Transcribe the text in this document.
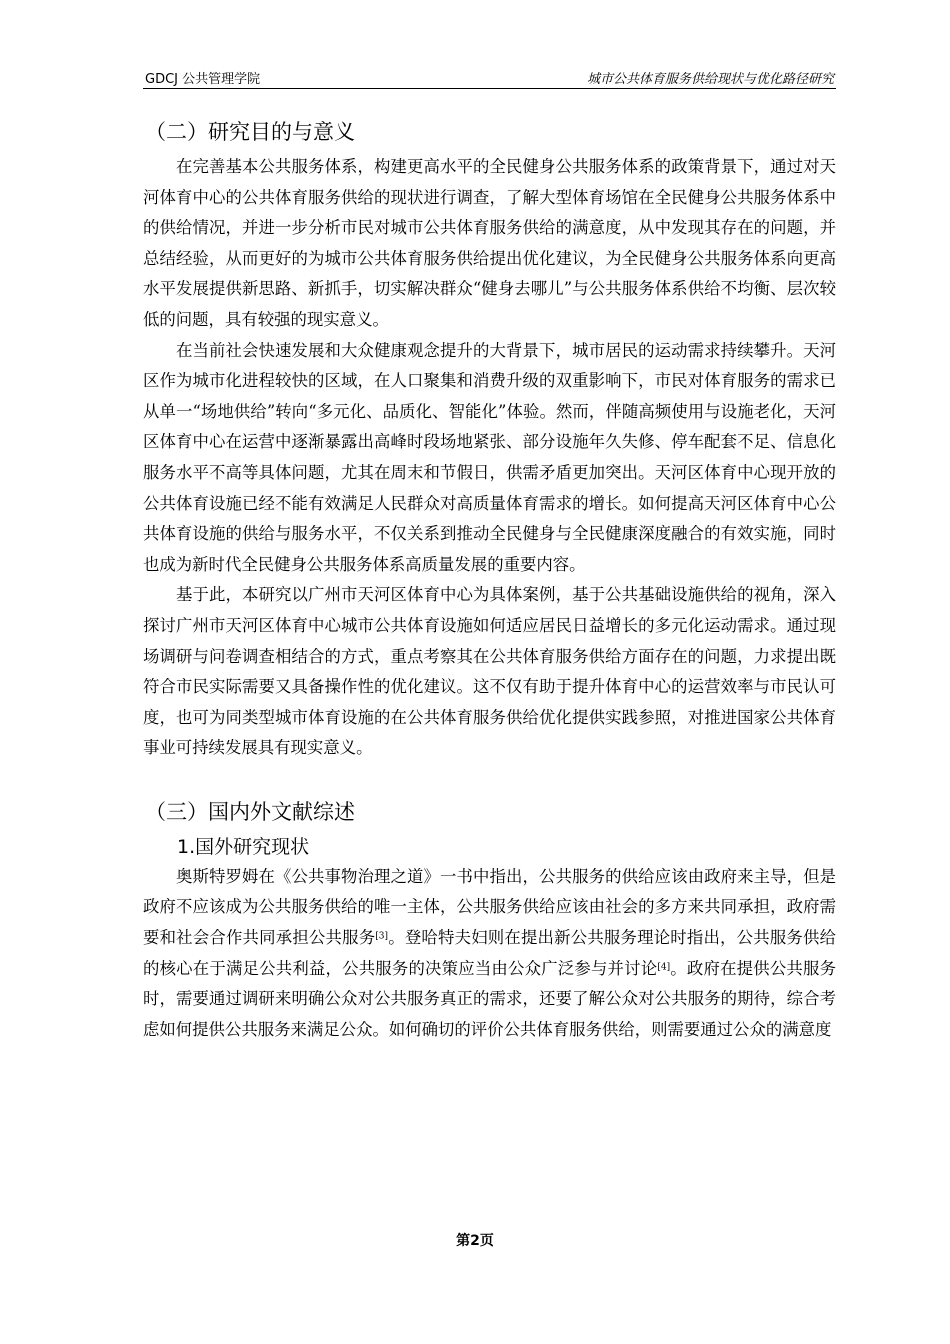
GDCJ 公共管理学院	城市公共体育服务供给现状与优化路径研究
（二）研究目的与意义

在完善基本公共服务体系，构建更高水平的全民健身公共服务体系的政策背景下，通过对天河体育中心的公共体育服务供给的现状进行调查，了解大型体育场馆在全民健身公共服务体系中的供给情况，并进一步分析市民对城市公共体育服务供给的满意度，从中发现其存在的问题，并总结经验，从而更好的为城市公共体育服务供给提出优化建议，为全民健身公共服务体系向更高水平发展提供新思路、新抓手，切实解决群众“健身去哪儿”与公共服务体系供给不均衡、层次较低的问题，具有较强的现实意义。

在当前社会快速发展和大众健康观念提升的大背景下，城市居民的运动需求持续攀升。天河区作为城市化进程较快的区域，在人口聚集和消费升级的双重影响下，市民对体育服务的需求已从单一“场地供给”转向“多元化、品质化、智能化”体验。然而，伴随高频使用与设施老化，天河区体育中心在运营中逐渐暴露出高峰时段场地紧张、部分设施年久失修、停车配套不足、信息化服务水平不高等具体问题，尤其在周末和节假日，供需矛盾更加突出。天河区体育中心现开放的公共体育设施已经不能有效满足人民群众对高质量体育需求的增长。如何提高天河区体育中心公共体育设施的供给与服务水平，不仅关系到推动全民健身与全民健康深度融合的有效实施，同时也成为新时代全民健身公共服务体系高质量发展的重要内容。

基于此，本研究以广州市天河区体育中心为具体案例，基于公共基础设施供给的视角，深入探讨广州市天河区体育中心城市公共体育设施如何适应居民日益增长的多元化运动需求。通过现场调研与问卷调查相结合的方式，重点考察其在公共体育服务供给方面存在的问题，力求提出既符合市民实际需要又具备操作性的优化建议。这不仅有助于提升体育中心的运营效率与市民认可度，也可为同类型城市体育设施的在公共体育服务供给优化提供实践参照，对推进国家公共体育事业可持续发展具有现实意义。

（三）国内外文献综述
1.国外研究现状

奥斯特罗姆在《公共事物治理之道》一书中指出，公共服务的供给应该由政府来主导，但是政府不应该成为公共服务供给的唯一主体，公共服务供给应该由社会的多方来共同承担，政府需要和社会合作共同承担公共服务[3]。登哈特夫妇则在提出新公共服务理论时指出，公共服务供给的核心在于满足公共利益，公共服务的决策应当由公众广泛参与并讨论[4]。政府在提供公共服务时，需要通过调研来明确公众对公共服务真正的需求，还要了解公众对公共服务的期待，综合考虑如何提供公共服务来满足公众。如何确切的评价公共体育服务供给，则需要通过公众的满意度

第2页
